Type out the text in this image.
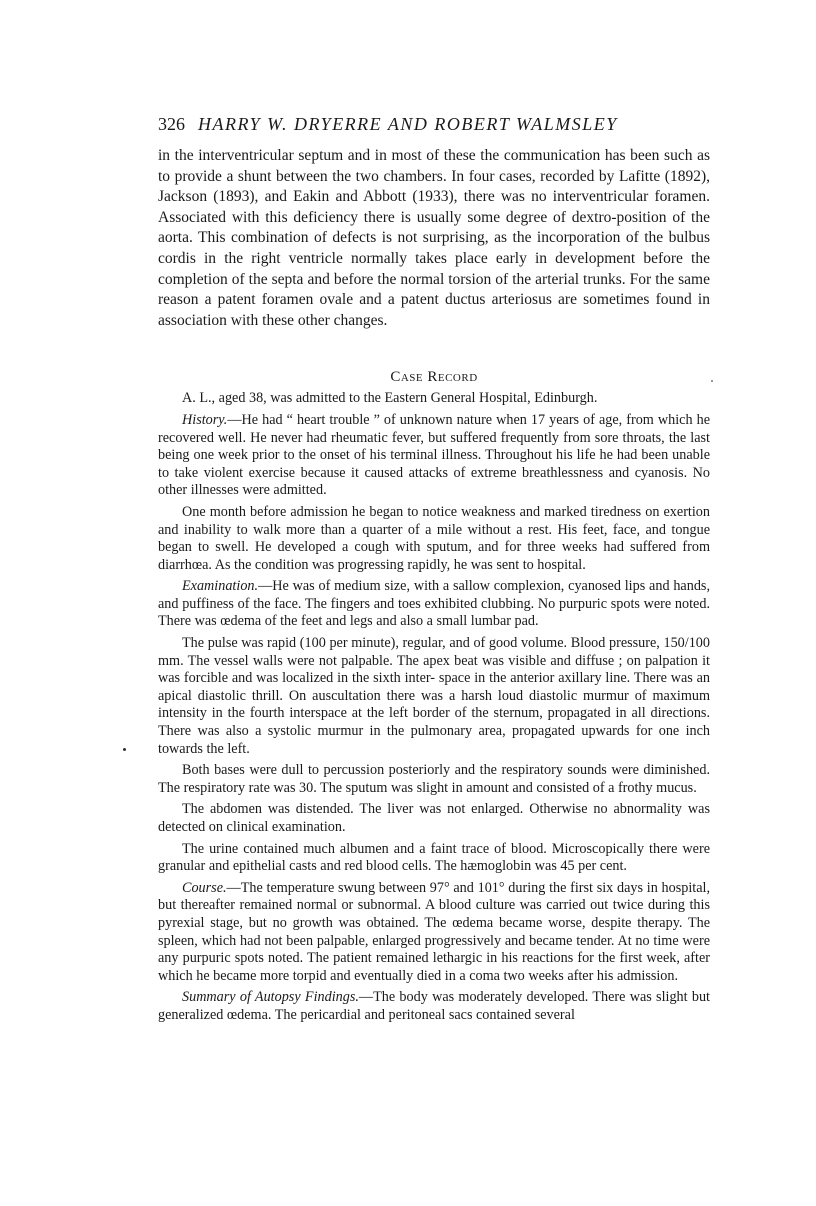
326 HARRY W. DRYERRE AND ROBERT WALMSLEY

in the interventricular septum and in most of these the communication has been such as to provide a shunt between the two chambers. In four cases, recorded by Lafitte (1892), Jackson (1893), and Eakin and Abbott (1933), there was no interventricular foramen. Associated with this deficiency there is usually some degree of dextro-position of the aorta. This combination of defects is not surprising, as the incorporation of the bulbus cordis in the right ventricle normally takes place early in development before the completion of the septa and before the normal torsion of the arterial trunks. For the same reason a patent foramen ovale and a patent ductus arteriosus are sometimes found in association with these other changes.

Case Record

A. L., aged 38, was admitted to the Eastern General Hospital, Edinburgh.

History.—He had “ heart trouble ” of unknown nature when 17 years of age, from which he recovered well. He never had rheumatic fever, but suffered frequently from sore throats, the last being one week prior to the onset of his terminal illness. Throughout his life he had been unable to take violent exercise because it caused attacks of extreme breathlessness and cyanosis. No other illnesses were admitted.

One month before admission he began to notice weakness and marked tiredness on exertion and inability to walk more than a quarter of a mile without a rest. His feet, face, and tongue began to swell. He developed a cough with sputum, and for three weeks had suffered from diarrhœa. As the condition was progressing rapidly, he was sent to hospital.

Examination.—He was of medium size, with a sallow complexion, cyanosed lips and hands, and puffiness of the face. The fingers and toes exhibited clubbing. No purpuric spots were noted. There was œdema of the feet and legs and also a small lumbar pad.

The pulse was rapid (100 per minute), regular, and of good volume. Blood pressure, 150/100 mm. The vessel walls were not palpable. The apex beat was visible and diffuse ; on palpation it was forcible and was localized in the sixth inter- space in the anterior axillary line. There was an apical diastolic thrill. On auscultation there was a harsh loud diastolic murmur of maximum intensity in the fourth interspace at the left border of the sternum, propagated in all directions. There was also a systolic murmur in the pulmonary area, propagated upwards for one inch towards the left.

Both bases were dull to percussion posteriorly and the respiratory sounds were diminished. The respiratory rate was 30. The sputum was slight in amount and consisted of a frothy mucus.

The abdomen was distended. The liver was not enlarged. Otherwise no abnormality was detected on clinical examination.

The urine contained much albumen and a faint trace of blood. Microscopically there were granular and epithelial casts and red blood cells. The hæmoglobin was 45 per cent.

Course.—The temperature swung between 97° and 101° during the first six days in hospital, but thereafter remained normal or subnormal. A blood culture was carried out twice during this pyrexial stage, but no growth was obtained. The œdema became worse, despite therapy. The spleen, which had not been palpable, enlarged progressively and became tender. At no time were any purpuric spots noted. The patient remained lethargic in his reactions for the first week, after which he became more torpid and eventually died in a coma two weeks after his admission.

Summary of Autopsy Findings.—The body was moderately developed. There was slight but generalized œdema. The pericardial and peritoneal sacs contained several
